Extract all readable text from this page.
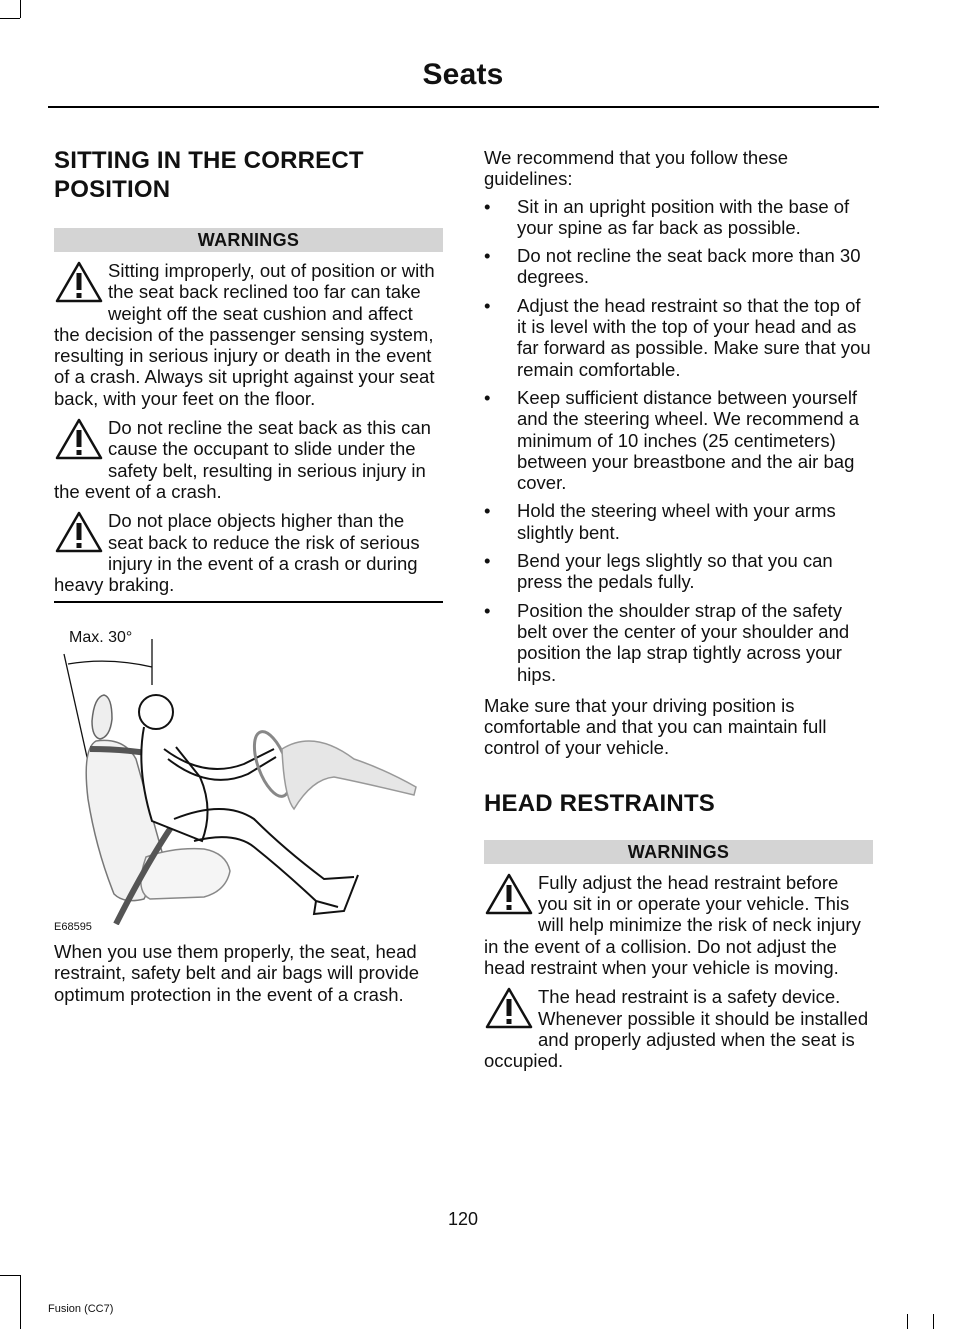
Seats
SITTING IN THE CORRECT POSITION
WARNINGS
Sitting improperly, out of position or with the seat back reclined too far can take weight off the seat cushion and affect the decision of the passenger sensing system, resulting in serious injury or death in the event of a crash. Always sit upright against your seat back, with your feet on the floor.
Do not recline the seat back as this can cause the occupant to slide under the safety belt, resulting in serious injury in the event of a crash.
Do not place objects higher than the seat back to reduce the risk of serious injury in the event of a crash or during heavy braking.
Max. 30°
E68595

When you use them properly, the seat, head restraint, safety belt and air bags will provide optimum protection in the event of a crash.

We recommend that you follow these guidelines:

• Sit in an upright position with the base of your spine as far back as possible.
• Do not recline the seat back more than 30 degrees.
• Adjust the head restraint so that the top of it is level with the top of your head and as far forward as possible. Make sure that you remain comfortable.
• Keep sufficient distance between yourself and the steering wheel. We recommend a minimum of 10 inches (25 centimeters) between your breastbone and the air bag cover.
• Hold the steering wheel with your arms slightly bent.
• Bend your legs slightly so that you can press the pedals fully.
• Position the shoulder strap of the safety belt over the center of your shoulder and position the lap strap tightly across your hips.

Make sure that your driving position is comfortable and that you can maintain full control of your vehicle.

HEAD RESTRAINTS
WARNINGS
Fully adjust the head restraint before you sit in or operate your vehicle. This will help minimize the risk of neck injury in the event of a collision. Do not adjust the head restraint when your vehicle is moving.
The head restraint is a safety device. Whenever possible it should be installed and properly adjusted when the seat is occupied.
120
Fusion (CC7)
